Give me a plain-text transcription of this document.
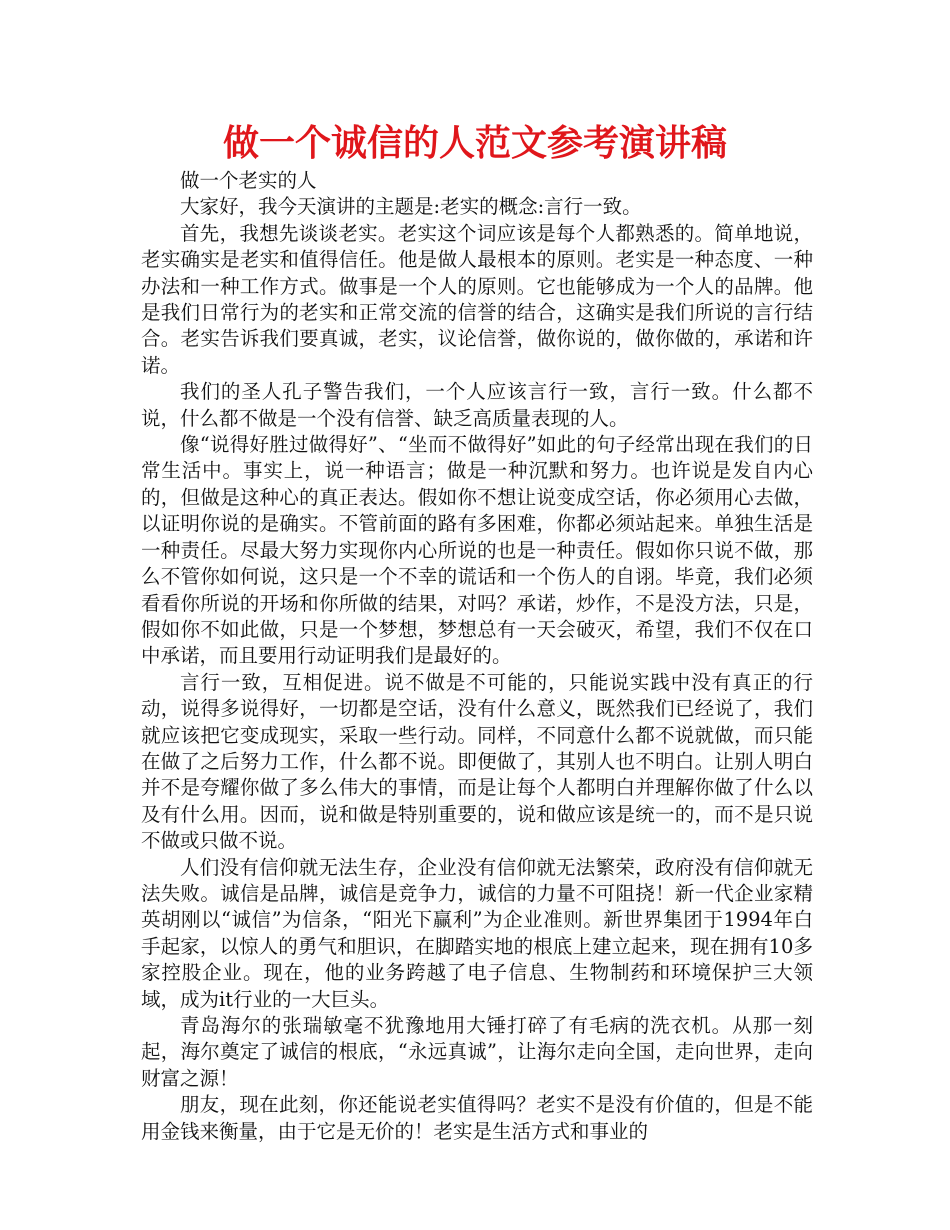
做一个诚信的人范文参考演讲稿

做一个老实的人

大家好，我今天演讲的主题是:老实的概念:言行一致。

首先，我想先谈谈老实。老实这个词应该是每个人都熟悉的。简单地说，老实确实是老实和值得信任。他是做人最根本的原则。老实是一种态度、一种办法和一种工作方式。做事是一个人的原则。它也能够成为一个人的品牌。他是我们日常行为的老实和正常交流的信誉的结合，这确实是我们所说的言行结合。老实告诉我们要真诚，老实，议论信誉，做你说的，做你做的，承诺和许诺。

我们的圣人孔子警告我们，一个人应该言行一致，言行一致。什么都不说，什么都不做是一个没有信誉、缺乏高质量表现的人。

像“说得好胜过做得好”、“坐而不做得好”如此的句子经常出现在我们的日常生活中。事实上，说一种语言；做是一种沉默和努力。也许说是发自内心的，但做是这种心的真正表达。假如你不想让说变成空话，你必须用心去做，以证明你说的是确实。不管前面的路有多困难，你都必须站起来。单独生活是一种责任。尽最大努力实现你内心所说的也是一种责任。假如你只说不做，那么不管你如何说，这只是一个不幸的谎话和一个伤人的自诩。毕竟，我们必须看看你所说的开场和你所做的结果，对吗？承诺，炒作，不是没方法，只是，假如你不如此做，只是一个梦想，梦想总有一天会破灭，希望，我们不仅在口中承诺，而且要用行动证明我们是最好的。

言行一致，互相促进。说不做是不可能的，只能说实践中没有真正的行动，说得多说得好，一切都是空话，没有什么意义，既然我们已经说了，我们就应该把它变成现实，采取一些行动。同样，不同意什么都不说就做，而只能在做了之后努力工作，什么都不说。即便做了，其别人也不明白。让别人明白并不是夸耀你做了多么伟大的事情，而是让每个人都明白并理解你做了什么以及有什么用。因而，说和做是特别重要的，说和做应该是统一的，而不是只说不做或只做不说。

人们没有信仰就无法生存，企业没有信仰就无法繁荣，政府没有信仰就无法失败。诚信是品牌，诚信是竞争力，诚信的力量不可阻挠！新一代企业家精英胡刚以“诚信”为信条，“阳光下赢利”为企业准则。新世界集团于1994年白手起家，以惊人的勇气和胆识，在脚踏实地的根底上建立起来，现在拥有10多家控股企业。现在，他的业务跨越了电子信息、生物制药和环境保护三大领域，成为it行业的一大巨头。

青岛海尔的张瑞敏毫不犹豫地用大锤打碎了有毛病的洗衣机。从那一刻起，海尔奠定了诚信的根底，“永远真诚”，让海尔走向全国，走向世界，走向财富之源！

朋友，现在此刻，你还能说老实值得吗？老实不是没有价值的，但是不能用金钱来衡量，由于它是无价的！老实是生活方式和事业的
